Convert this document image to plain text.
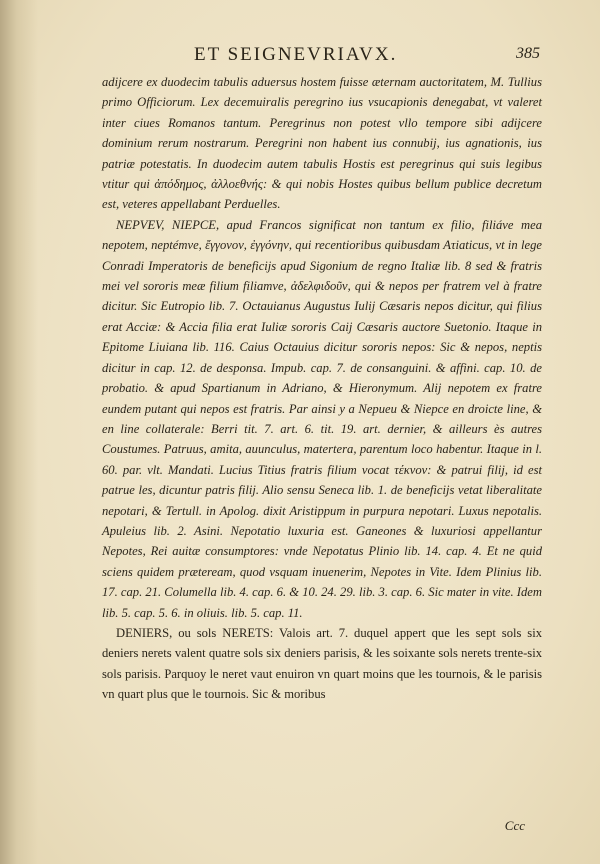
ET SEIGNEVRIAVX.	385

adijcere ex duodecim tabulis aduersus hostem fuisse æternam auctoritatem, M. Tullius primo Officiorum. Lex decemuiralis peregrino ius vsucapionis denegabat, vt valeret inter ciues Romanos tantum. Peregrinus non potest vllo tempore sibi adijcere dominium rerum nostrarum. Peregrini non habent ius connubij, ius agnationis, ius patriæ potestatis. In duodecim autem tabulis Hostis est peregrinus qui suis legibus vtitur qui ἀπόδημος, ἀλλοεθνής: & qui nobis Hostes quibus bellum publice decretum est, veteres appellabant Perduelles.

NEPVEV, NIEPCE, apud Francos significat non tantum ex filio, filiáve mea nepotem, neptémve, ἔγγονον, ἐγγόνην, qui recentioribus quibusdam Ατiaticus, vt in lege Conradi Imperatoris de beneficijs apud Sigonium de regno Italiæ lib. 8 sed & fratris mei vel sororis meæ filium filiamve, ἀδελφιδοῦν, qui & nepos per fratrem vel à fratre dicitur. Sic Eutropio lib. 7. Octauianus Augustus Iulij Cæsaris nepos dicitur, qui filius erat Acciæ: & Accia filia erat Iuliæ sororis Caij Cæsaris auctore Suetonio. Itaque in Epitome Liuiana lib. 116. Caius Octauius dicitur sororis nepos: Sic & nepos, neptis dicitur in cap. 12. de desponsa. Impub. cap. 7. de consanguini. & affini. cap. 10. de probatio. & apud Spartianum in Adriano, & Hieronymum. Alij nepotem ex fratre eundem putant qui nepos est fratris. Par ainsi y a Nepueu & Niepce en droicte line, & en line collaterale: Berri tit. 7. art. 6. tit. 19. art. dernier, & ailleurs ès autres Coustumes. Patruus, amita, auunculus, matertera, parentum loco habentur. Itaque in l. 60. par. vlt. Mandati. Lucius Titius fratris filium vocat τέκνον: & patrui filij, id est patrue les, dicuntur patris filij. Alio sensu Seneca lib. 1. de beneficijs vetat liberalitate nepotari, & Tertull. in Apolog. dixit Aristippum in purpura nepotari. Luxus nepotalis. Apuleius lib. 2. Asini. Nepotatio luxuria est. Ganeones & luxuriosi appellantur Nepotes, Rei auitæ consumptores: vnde Nepotatus Plinio lib. 14. cap. 4. Et ne quid sciens quidem præteream, quod vsquam inuenerim, Nepotes in Vite. Idem Plinius lib. 17. cap. 21. Columella lib. 4. cap. 6. & 10. 24. 29. lib. 3. cap. 6. Sic mater in vite. Idem lib. 5. cap. 5. 6. in oliuis. lib. 5. cap. 11.

DENIERS, ou sols NERETS: Valois art. 7. duquel appert que les sept sols six deniers nerets valent quatre sols six deniers parisis, & les soixante sols nerets trente-six sols parisis. Parquoy le neret vaut enuiron vn quart moins que les tournois, & le parisis vn quart plus que le tournois. Sic & moribus

Ccc
